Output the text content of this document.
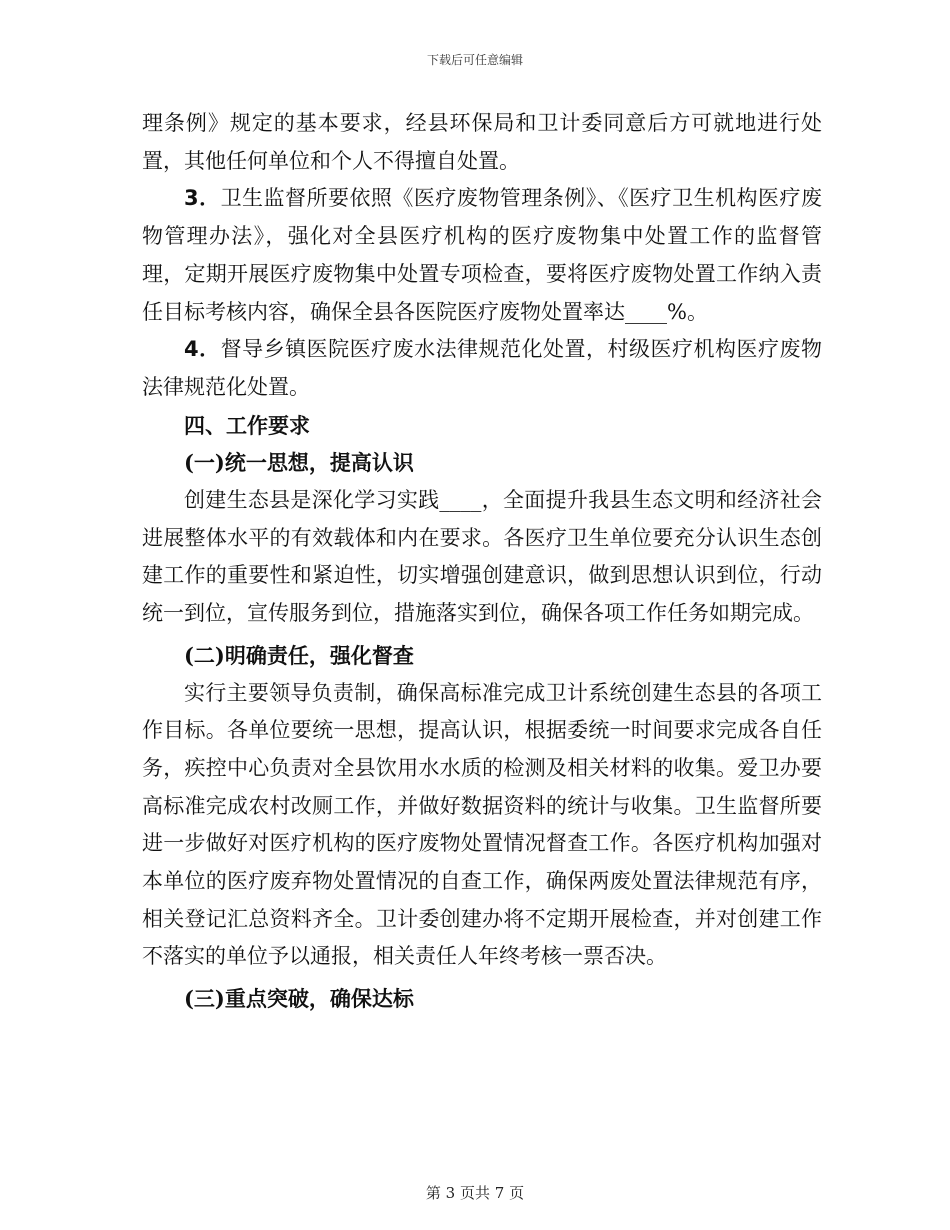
下载后可任意编辑

理条例》规定的基本要求，经县环保局和卫计委同意后方可就地进行处置，其他任何单位和个人不得擅自处置。

3．卫生监督所要依照《医疗废物管理条例》、《医疗卫生机构医疗废物管理办法》，强化对全县医疗机构的医疗废物集中处置工作的监督管理，定期开展医疗废物集中处置专项检查，要将医疗废物处置工作纳入责任目标考核内容，确保全县各医院医疗废物处置率达____%。

4．督导乡镇医院医疗废水法律规范化处置，村级医疗机构医疗废物法律规范化处置。

四、工作要求

(一)统一思想，提高认识

创建生态县是深化学习实践____，全面提升我县生态文明和经济社会进展整体水平的有效载体和内在要求。各医疗卫生单位要充分认识生态创建工作的重要性和紧迫性，切实增强创建意识，做到思想认识到位，行动统一到位，宣传服务到位，措施落实到位，确保各项工作任务如期完成。

(二)明确责任，强化督查

实行主要领导负责制，确保高标准完成卫计系统创建生态县的各项工作目标。各单位要统一思想，提高认识，根据委统一时间要求完成各自任务，疾控中心负责对全县饮用水水质的检测及相关材料的收集。爱卫办要高标准完成农村改厕工作，并做好数据资料的统计与收集。卫生监督所要进一步做好对医疗机构的医疗废物处置情况督查工作。各医疗机构加强对本单位的医疗废弃物处置情况的自查工作，确保两废处置法律规范有序，相关登记汇总资料齐全。卫计委创建办将不定期开展检查，并对创建工作不落实的单位予以通报，相关责任人年终考核一票否决。

(三)重点突破，确保达标

第 3 页共 7 页
